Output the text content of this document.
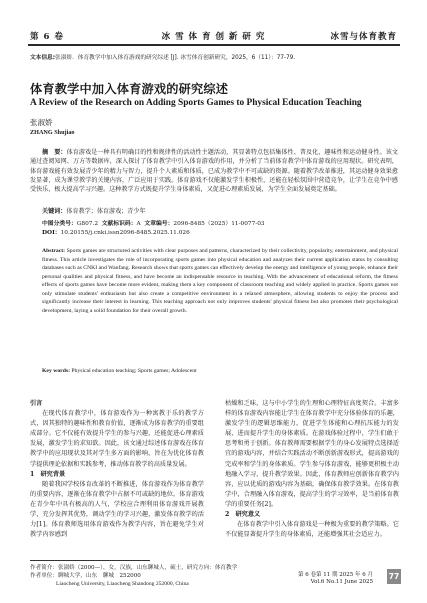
第 6 卷	冰 雪 体 育 创 新 研 究	冰雪与体育教育
文本信息:张淑娇．体育教学中加入体育游戏的研究综述 [J]. 冰雪体育创新研究，2025，6（11）：77-79.
体育教学中加入体育游戏的研究综述
A Review of the Research on Adding Sports Games to Physical Education Teaching
张淑娇
ZHANG Shujiao
摘　要：体育游戏是一种具有明确目的性和规律性的活动性主题活动，其显著特点包括集体性、普及化、趣味性和运动健身性。该文通过查阅知网、万方等数据库，深入探讨了体育教学中引入体育游戏的作用，并分析了当前体育教学中体育游戏的应用现状。研究表明，体育游戏能有效发展青少年的精力与智力，提升个人素质和体质，已成为教学中不可或缺的资源。随着教学改革推进，其运动健身效果愈发显著，成为课堂教学的关键内容，广泛应用于实践。体育游戏不仅能激发学生积极性，还能在轻松氛围中营造竞争，让学生在竞争中感受快乐，极大提高学习兴趣。这种教学方式既提升学生身体素质，又促进心理素质发展，为学生全面发展奠定基础。
关键词：体育教学；体育游戏；青少年
中图分类号：G807.2 文献标识码：A 文章编号：2096-8485（2025）11-0077-03
DOI：10.20155/j.cnki.issn2096-8485.2025.11.026
Abstract: Sports games are structured activities with clear purposes and patterns, characterized by their collectivity, popularity, entertainment, and physical fitness. This article investigates the role of incorporating sports games into physical education and analyzes their current application status by consulting databases such as CNKI and Wanfang. Research shows that sports games can effectively develop the energy and intelligence of young people, enhance their personal qualities and physical fitness, and have become an indispensable resource in teaching. With the advancement of educational reform, the fitness effects of sports games have become more evident, making them a key component of classroom teaching and widely applied in practice. Sports games not only stimulate students' enthusiasm but also create a competitive environment in a relaxed atmosphere, allowing students to enjoy the process and significantly increase their interest in learning. This teaching approach not only improves students' physical fitness but also promotes their psychological development, laying a solid foundation for their overall growth.
Key words: Physical education teaching; Sports games; Adolescent
引言

在现代体育教学中，体育游戏作为一种寓教于乐的教学方式，因其独特的趣味性和教育价值，逐渐成为体育教学的重要组成部分。它不仅能有效提升学生的参与兴趣，还能促进心理素质发展，激发学生的求知欲。因此，该文通过综述体育游戏在体育教学中的应用现状及其对学生多方面的影响，旨在为优化体育教学提供理论依据和实践参考，推动体育教学的高质量发展。

1　研究背景

随着我国学校体育改革的不断推进，体育游戏作为体育教学的重要内容，逐渐在体育教学中占据不可或缺的地位。体育游戏在青少年中具有极高的人气，学校应合理利用体育游戏开展教学，充分发挥其优势，调动学生的学习兴趣，激发体育教学的活力[1]。体育教师选用体育游戏作为教学内容，旨在避免学生对教学内容感到

枯燥和乏味，这与中小学生的生理和心理特征高度契合。丰富多样的体育游戏内容能让学生在体育教学中充分体验体育的乐趣，激发学生的逻辑思维能力，促进学生体能和心理抗压能力的发展，进而提升学生的身体素质。在游戏体验过程中，学生们敢于思考和勇于创新。体育教师需要根据学生的身心发展特点选择适宜的游戏内容，并结合实践活动不断创新游戏形式，提高游戏的完成率和学生的身体素质。学生参与体育游戏，能够更积极主动地融入学习，提升教学效果。因此，体育教师应创新体育教学内容，应以优质的游戏内容为基础，确保体育教学效果。在体育教学中，合理融入体育游戏，提高学生的学习效率，是当前体育教学的重要任务[2]。

2　研究意义

在体育教学中引入体育游戏是一种极为重要的教学策略。它不仅能显著提升学生的身体素质，还能增强其社会适应力。

作者简介：张淑娇（2000—），女，汉族，山东聊城人，硕士，研究方向：体育教学
作者单位：聊城大学，山东　聊城　252000
Liaocheng University, Liaocheng Shandong 252000, China
第 6 卷第 11 期 2025 年 6 月
Vol.6 No.11 June 2025
77
